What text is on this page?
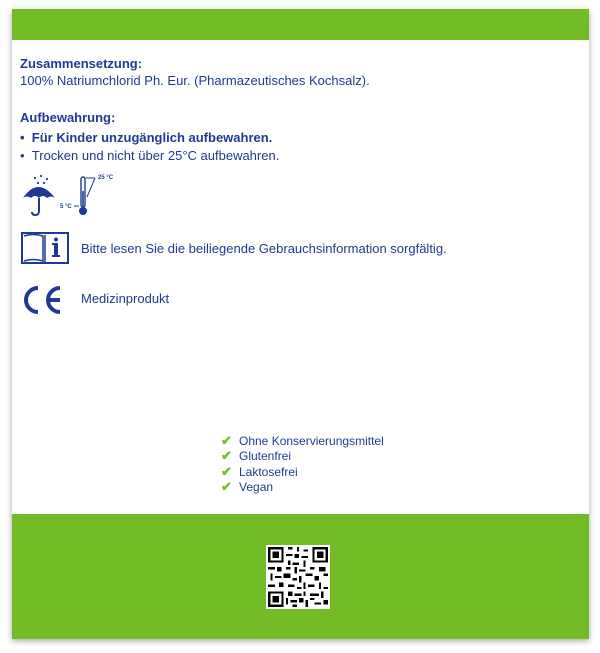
Zusammensetzung:
100% Natriumchlorid Ph. Eur. (Pharmazeutisches Kochsalz).
Aufbewahrung:
•  Für Kinder unzugänglich aufbewahren.
•  Trocken und nicht über 25°C aufbewahren.
25 °C
5 °C
Bitte lesen Sie die beiliegende Gebrauchsinformation sorgfältig.
Medizinprodukt
✔ Ohne Konservierungsmittel
✔ Glutenfrei
✔ Laktosefrei
✔ Vegan
